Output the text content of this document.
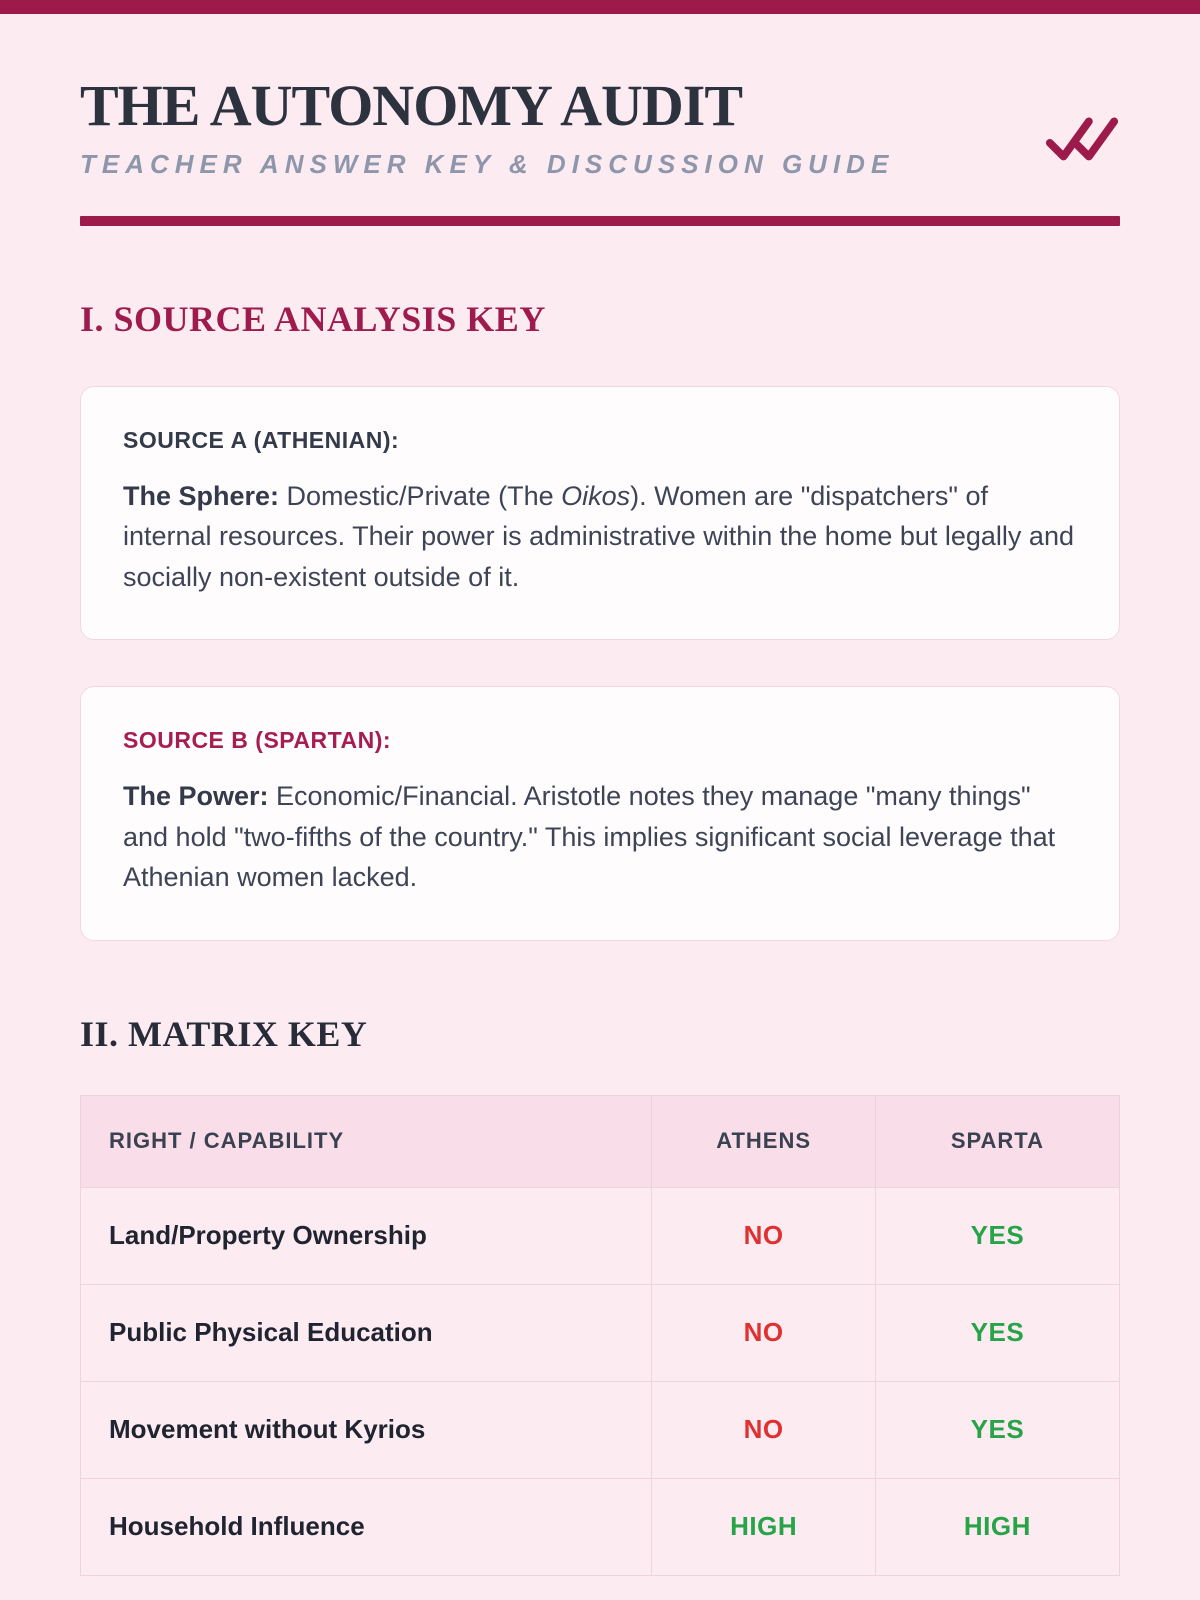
THE AUTONOMY AUDIT
TEACHER ANSWER KEY & DISCUSSION GUIDE
I. SOURCE ANALYSIS KEY
SOURCE A (ATHENIAN):

The Sphere: Domestic/Private (The Oikos). Women are "dispatchers" of internal resources. Their power is administrative within the home but legally and socially non-existent outside of it.

SOURCE B (SPARTAN):

The Power: Economic/Financial. Aristotle notes they manage "many things" and hold "two-fifths of the country." This implies significant social leverage that Athenian women lacked.

II. MATRIX KEY
RIGHT / CAPABILITY	ATHENS	SPARTA
Land/Property Ownership	NO	YES
Public Physical Education	NO	YES
Movement without Kyrios	NO	YES
Household Influence	HIGH	HIGH
